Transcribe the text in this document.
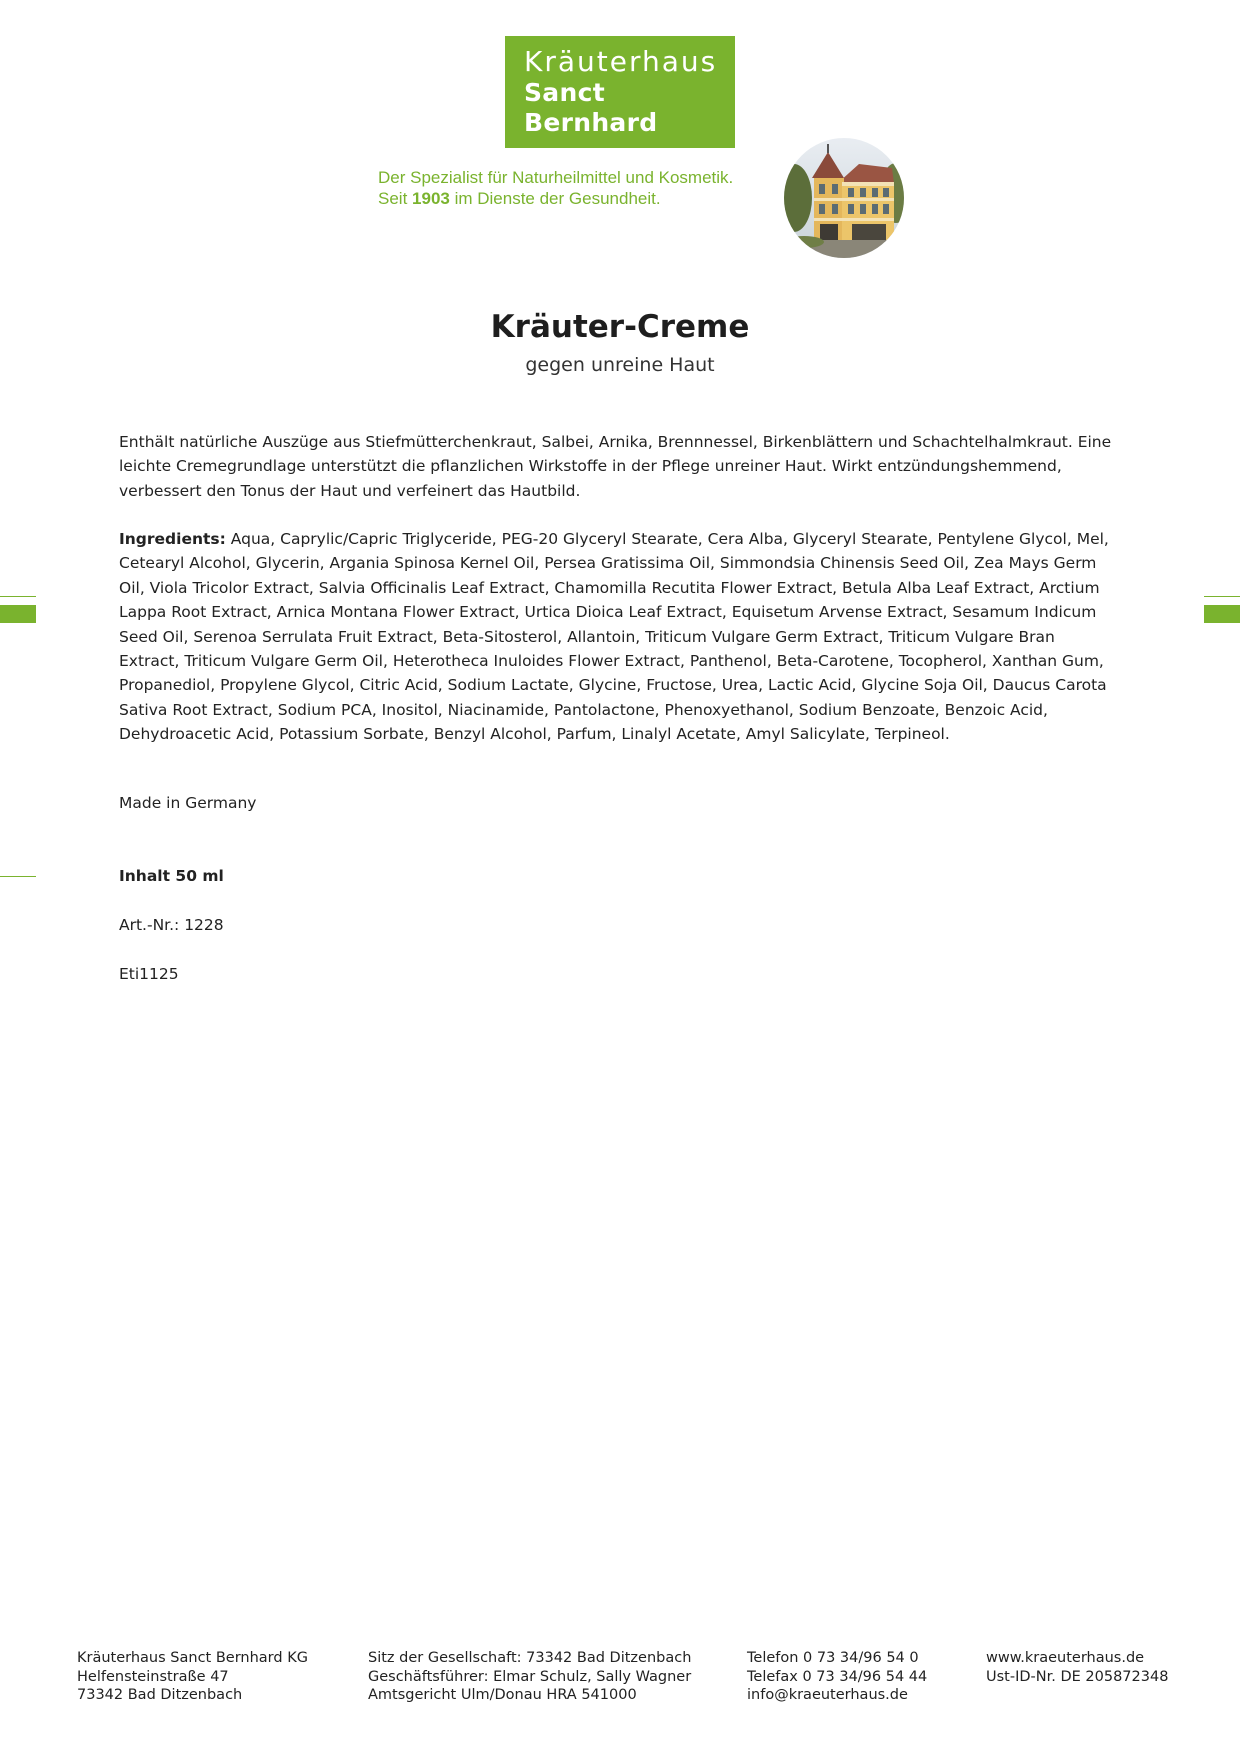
Kräuterhaus
Sanct Bernhard
Der Spezialist für Naturheilmittel und Kosmetik.
Seit 1903 im Dienste der Gesundheit.
Kräuter-Creme
gegen unreine Haut
Enthält natürliche Auszüge aus Stiefmütterchenkraut, Salbei, Arnika, Brennnessel, Birkenblättern und Schachtelhalmkraut. Eine leichte Cremegrundlage unterstützt die pflanzlichen Wirkstoffe in der Pflege unreiner Haut. Wirkt entzündungshemmend, verbessert den Tonus der Haut und verfeinert das Hautbild.
Ingredients: Aqua, Caprylic/Capric Triglyceride, PEG-20 Glyceryl Stearate, Cera Alba, Glyceryl Stearate, Pentylene Glycol, Mel, Cetearyl Alcohol, Glycerin, Argania Spinosa Kernel Oil, Persea Gratissima Oil, Simmondsia Chinensis Seed Oil, Zea Mays Germ Oil, Viola Tricolor Extract, Salvia Officinalis Leaf Extract, Chamomilla Recutita Flower Extract, Betula Alba Leaf Extract, Arctium Lappa Root Extract, Arnica Montana Flower Extract, Urtica Dioica Leaf Extract, Equisetum Arvense Extract, Sesamum Indicum Seed Oil, Serenoa Serrulata Fruit Extract, Beta-Sitosterol, Allantoin, Triticum Vulgare Germ Extract, Triticum Vulgare Bran Extract, Triticum Vulgare Germ Oil, Heterotheca Inuloides Flower Extract, Panthenol, Beta-Carotene, Tocopherol, Xanthan Gum, Propanediol, Propylene Glycol, Citric Acid, Sodium Lactate, Glycine, Fructose, Urea, Lactic Acid, Glycine Soja Oil, Daucus Carota Sativa Root Extract, Sodium PCA, Inositol, Niacinamide, Pantolactone, Phenoxyethanol, Sodium Benzoate, Benzoic Acid, Dehydroacetic Acid, Potassium Sorbate, Benzyl Alcohol, Parfum, Linalyl Acetate, Amyl Salicylate, Terpineol.
Made in Germany
Inhalt 50 ml
Art.-Nr.: 1228
Eti1125
Kräuterhaus Sanct Bernhard KG
Helfensteinstraße 47
73342 Bad Ditzenbach
Sitz der Gesellschaft: 73342 Bad Ditzenbach
Geschäftsführer: Elmar Schulz, Sally Wagner
Amtsgericht Ulm/Donau HRA 541000
Telefon 0 73 34/96 54 0
Telefax 0 73 34/96 54 44
info@kraeuterhaus.de
www.kraeuterhaus.de
Ust-ID-Nr. DE 205872348
